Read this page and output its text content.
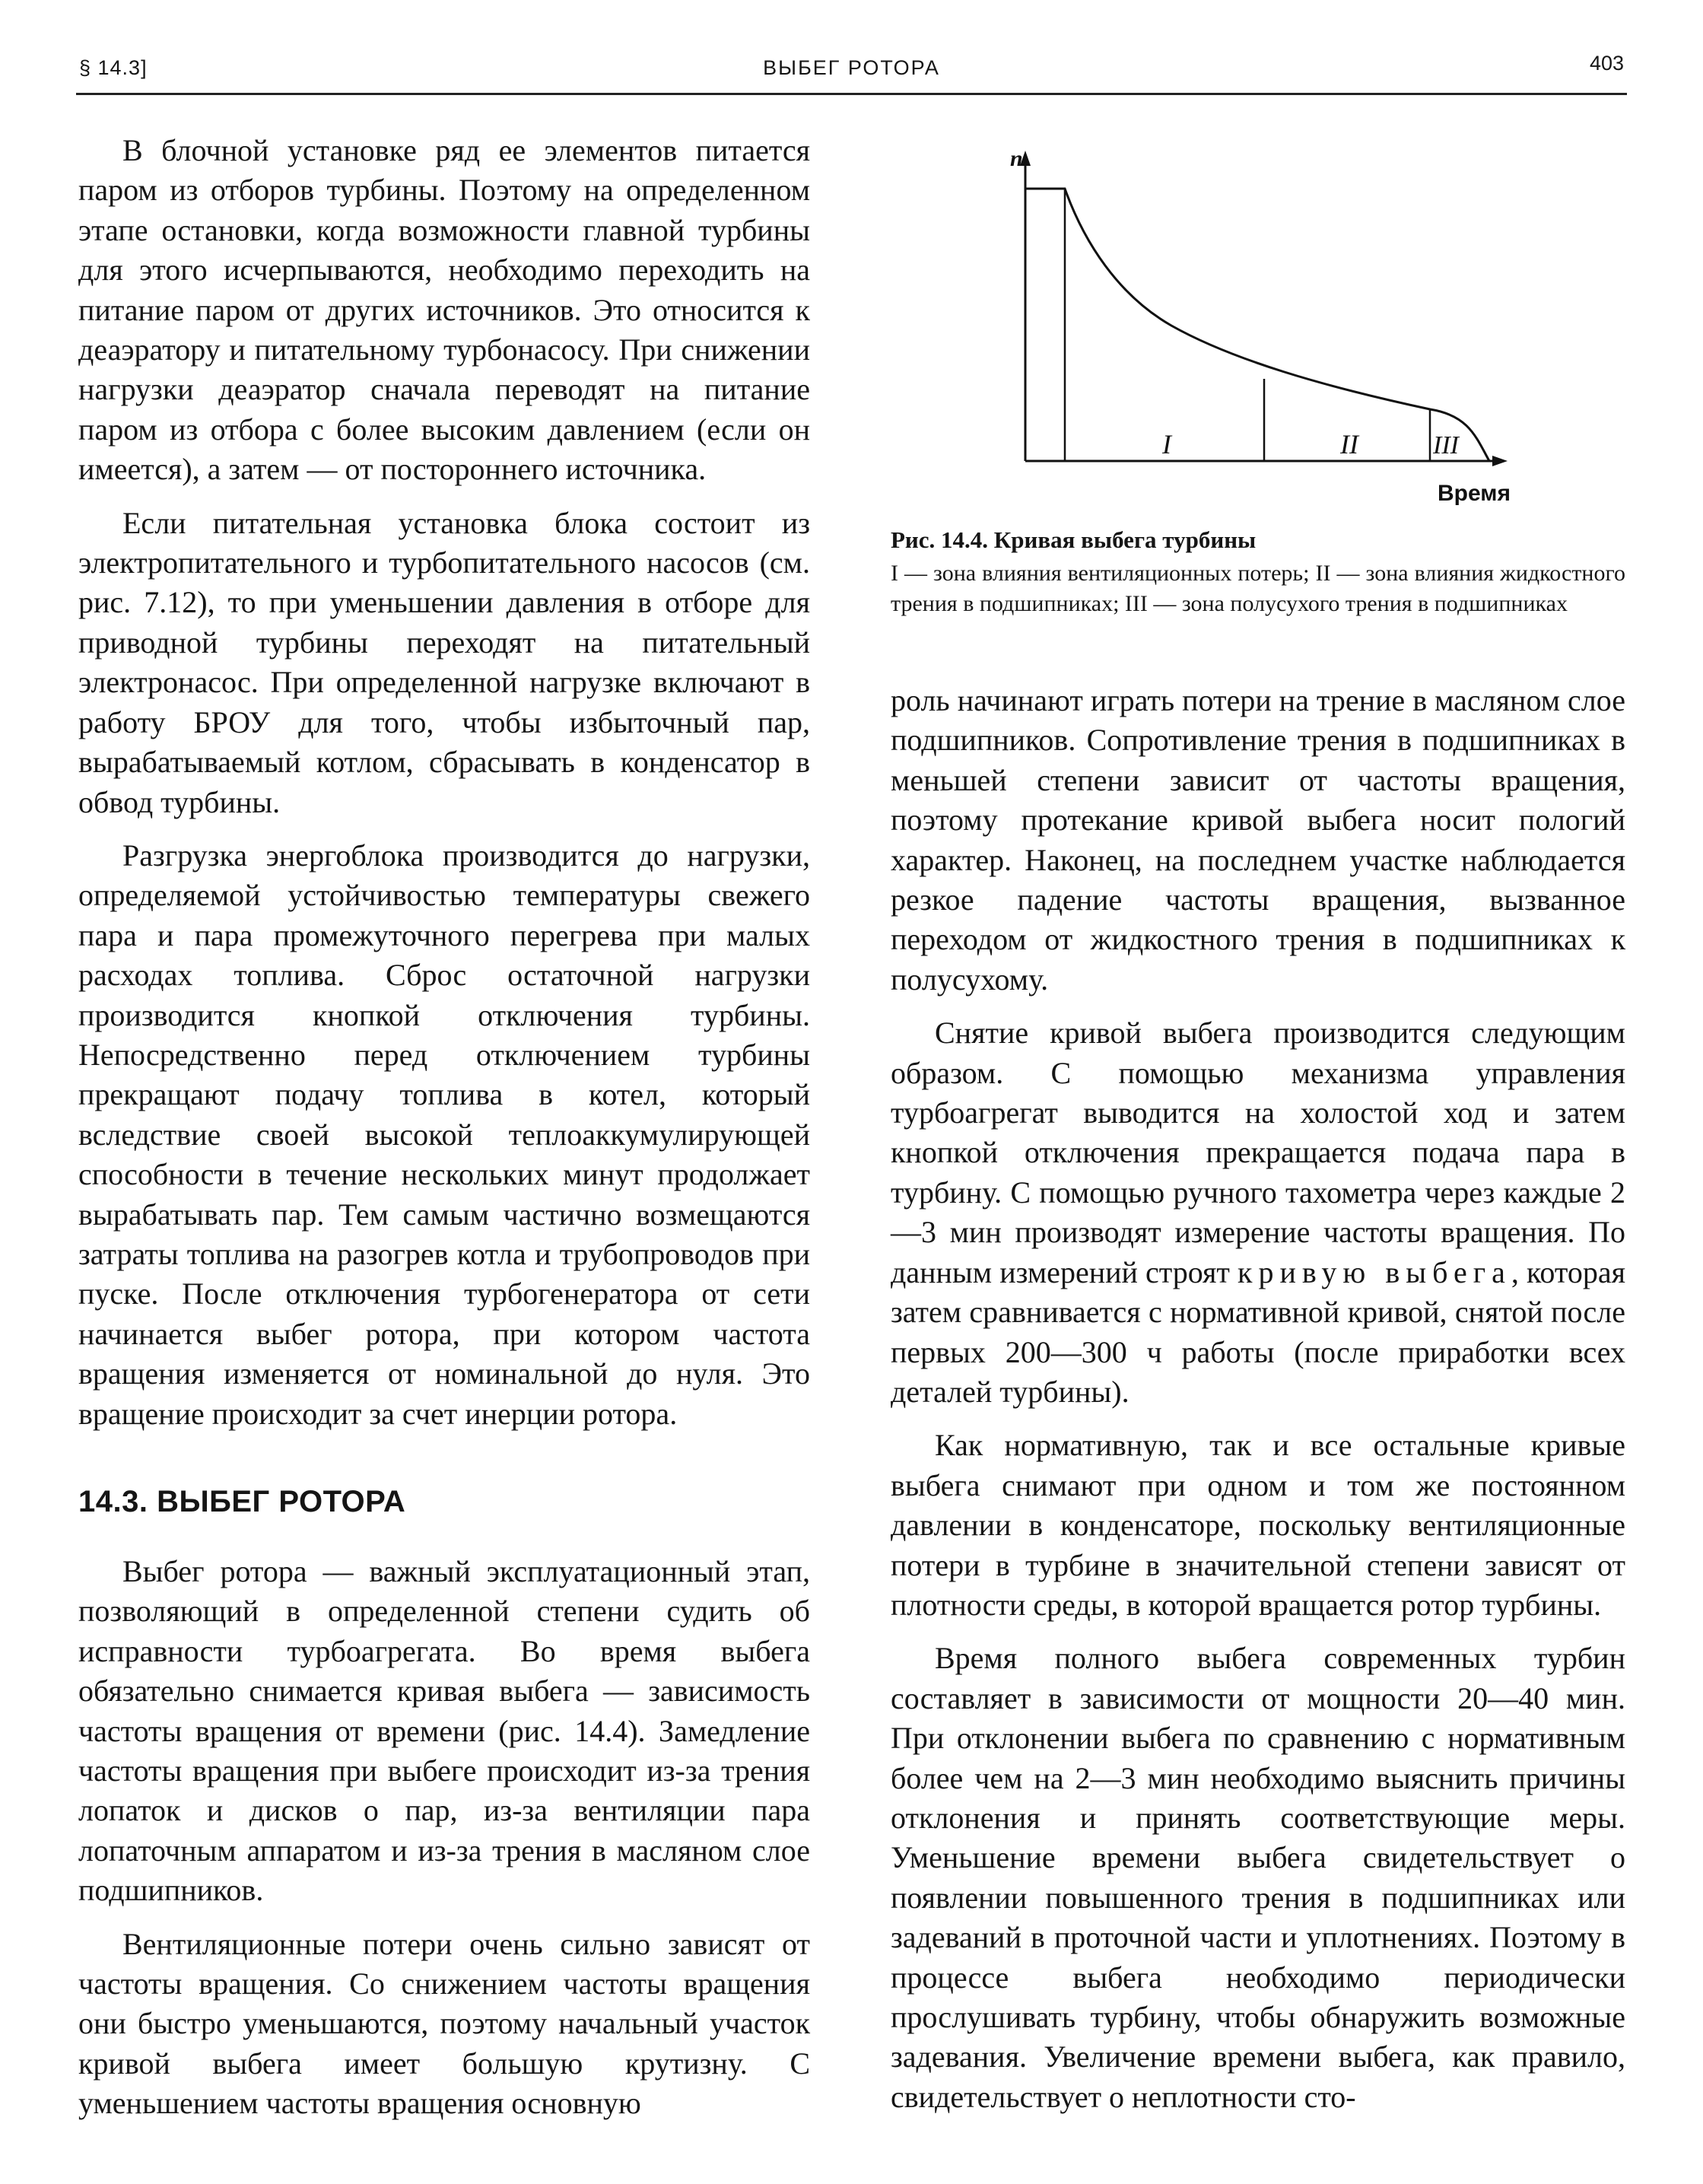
§ 14.3]	ВЫБЕГ РОТОРА	403

В блочной установке ряд ее элементов питается паром из отборов турбины. Поэтому на определенном этапе остановки, когда возможности главной турбины для этого исчерпываются, необходимо переходить на питание паром от других источников. Это относится к деаэратору и питательному турбонасосу. При снижении нагрузки деаэратор сначала переводят на питание паром из отбора с более высоким давлением (если он имеется), а затем — от постороннего источника.

Если питательная установка блока состоит из электропитательного и турбопитательного насосов (см. рис. 7.12), то при уменьшении давления в отборе для приводной турбины переходят на питательный электронасос. При определенной нагрузке включают в работу БРОУ для того, чтобы избыточный пар, вырабатываемый котлом, сбрасывать в конденсатор в обвод турбины.

Разгрузка энергоблока производится до нагрузки, определяемой устойчивостью температуры свежего пара и пара промежуточного перегрева при малых расходах топлива. Сброс остаточной нагрузки производится кнопкой отключения турбины. Непосредственно перед отключением турбины прекращают подачу топлива в котел, который вследствие своей высокой теплоаккумулирующей способности в течение нескольких минут продолжает вырабатывать пар. Тем самым частично возмещаются затраты топлива на разогрев котла и трубопроводов при пуске. После отключения турбогенератора от сети начинается выбег ротора, при котором частота вращения изменяется от номинальной до нуля. Это вращение происходит за счет инерции ротора.

14.3. ВЫБЕГ РОТОРА

Выбег ротора — важный эксплуатационный этап, позволяющий в определенной степени судить об исправности турбоагрегата. Во время выбега обязательно снимается кривая выбега — зависимость частоты вращения от времени (рис. 14.4). Замедление частоты вращения при выбеге происходит из-за трения лопаток и дисков о пар, из-за вентиляции пара лопаточным аппаратом и из-за трения в масляном слое подшипников.

Вентиляционные потери очень сильно зависят от частоты вращения. Со снижением частоты вращения они быстро уменьшаются, поэтому начальный участок кривой выбега имеет большую крутизну. С уменьшением частоты вращения основную

n
I	II	III
Время

Рис. 14.4. Кривая выбега турбины

I — зона влияния вентиляционных потерь; II — зона влияния жидкостного трения в подшипниках; III — зона полусухого трения в подшипниках

роль начинают играть потери на трение в масляном слое подшипников. Сопротивление трения в подшипниках в меньшей степени зависит от частоты вращения, поэтому протекание кривой выбега носит пологий характер. Наконец, на последнем участке наблюдается резкое падение частоты вращения, вызванное переходом от жидкостного трения в подшипниках к полусухому.

Снятие кривой выбега производится следующим образом. С помощью механизма управления турбоагрегат выводится на холостой ход и затем кнопкой отключения прекращается подача пара в турбину. С помощью ручного тахометра через каждые 2—3 мин производят измерение частоты вращения. По данным измерений строят кривую выбега, которая затем сравнивается с нормативной кривой, снятой после первых 200—300 ч работы (после приработки всех деталей турбины).

Как нормативную, так и все остальные кривые выбега снимают при одном и том же постоянном давлении в конденсаторе, поскольку вентиляционные потери в турбине в значительной степени зависят от плотности среды, в которой вращается ротор турбины.

Время полного выбега современных турбин составляет в зависимости от мощности 20—40 мин. При отклонении выбега по сравнению с нормативным более чем на 2—3 мин необходимо выяснить причины отклонения и принять соответствующие меры. Уменьшение времени выбега свидетельствует о появлении повышенного трения в подшипниках или задеваний в проточной части и уплотнениях. Поэтому в процессе выбега необходимо периодически прослушивать турбину, чтобы обнаружить возможные задевания. Увеличение времени выбега, как правило, свидетельствует о неплотности сто-
